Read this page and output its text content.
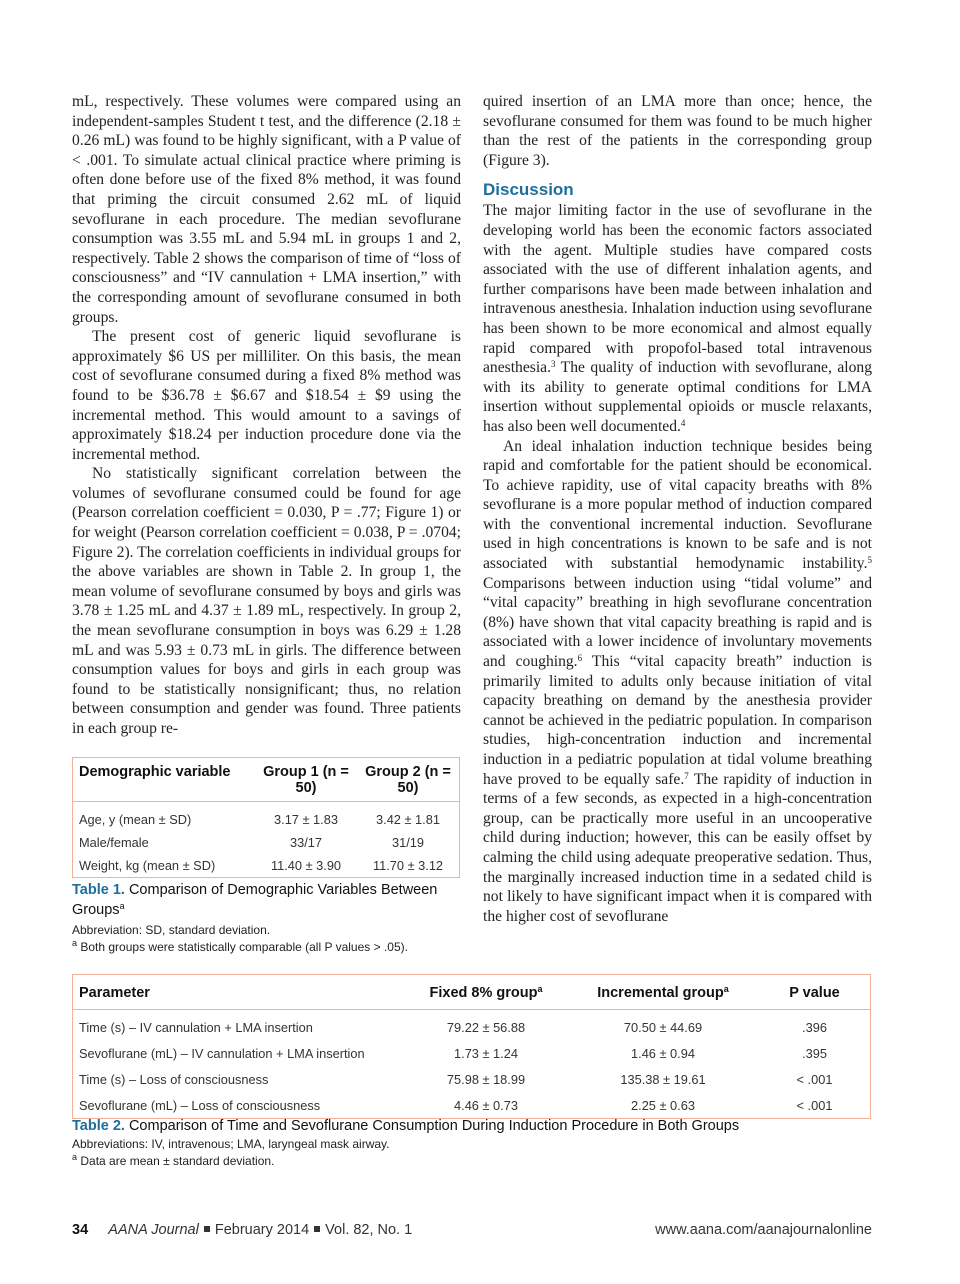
mL, respectively. These volumes were compared using an independent-samples Student t test, and the difference (2.18 ± 0.26 mL) was found to be highly significant, with a P value of < .001. To simulate actual clinical practice where priming is often done before use of the fixed 8% method, it was found that priming the circuit consumed 2.62 mL of liquid sevoflurane in each procedure. The median sevoflurane consumption was 3.55 mL and 5.94 mL in groups 1 and 2, respectively. Table 2 shows the comparison of time of “loss of consciousness” and “IV cannulation + LMA insertion,” with the corresponding amount of sevoflurane consumed in both groups.

The present cost of generic liquid sevoflurane is approximately $6 US per milliliter. On this basis, the mean cost of sevoflurane consumed during a fixed 8% method was found to be $36.78 ± $6.67 and $18.54 ± $9 using the incremental method. This would amount to a savings of approximately $18.24 per induction procedure done via the incremental method.

No statistically significant correlation between the volumes of sevoflurane consumed could be found for age (Pearson correlation coefficient = 0.030, P = .77; Figure 1) or for weight (Pearson correlation coefficient = 0.038, P = .0704; Figure 2). The correlation coefficients in individual groups for the above variables are shown in Table 2. In group 1, the mean volume of sevoflurane consumed by boys and girls was 3.78 ± 1.25 mL and 4.37 ± 1.89 mL, respectively. In group 2, the mean sevoflurane consumption in boys was 6.29 ± 1.28 mL and was 5.93 ± 0.73 mL in girls. The difference between consumption values for boys and girls in each group was found to be statistically nonsignificant; thus, no relation between consumption and gender was found. Three patients in each group re-

quired insertion of an LMA more than once; hence, the sevoflurane consumed for them was found to be much higher than the rest of the patients in the corresponding group (Figure 3).

Discussion

The major limiting factor in the use of sevoflurane in the developing world has been the economic factors associated with the agent. Multiple studies have compared costs associated with the use of different inhalation agents, and further comparisons have been made between inhalation and intravenous anesthesia. Inhalation induction using sevoflurane has been shown to be more economical and almost equally rapid compared with propofol-based total intravenous anesthesia.$^3$ The quality of induction with sevoflurane, along with its ability to generate optimal conditions for LMA insertion without supplemental opioids or muscle relaxants, has also been well documented.$^4$

An ideal inhalation induction technique besides being rapid and comfortable for the patient should be economical. To achieve rapidity, use of vital capacity breaths with 8% sevoflurane is a more popular method of induction compared with the conventional incremental induction. Sevoflurane used in high concentrations is known to be safe and is not associated with substantial hemodynamic instability.$^5$ Comparisons between induction using “tidal volume” and “vital capacity” breathing in high sevoflurane concentration (8%) have shown that vital capacity breathing is rapid and is associated with a lower incidence of involuntary movements and coughing.$^6$ This “vital capacity breath” induction is primarily limited to adults only because initiation of vital capacity breathing on demand by the anesthesia provider cannot be achieved in the pediatric population. In comparison studies, high-concentration induction and incremental induction in a pediatric population at tidal volume breathing have proved to be equally safe.$^7$ The rapidity of induction in terms of a few seconds, as expected in a high-concentration group, can be practically more useful in an uncooperative child during induction; however, this can be easily offset by calming the child using adequate preoperative sedation. Thus, the marginally increased induction time in a sedated child is not likely to have significant impact when it is compared with the higher cost of sevoflurane

Demographic variable	Group 1 (n = 50)	Group 2 (n = 50)
Age, y (mean ± SD)	3.17 ± 1.83	3.42 ± 1.81
Male/female	33/17	31/19
Weight, kg (mean ± SD)	11.40 ± 3.90	11.70 ± 3.12
Table 1. Comparison of Demographic Variables Between Groups$^a$
Abbreviation: SD, standard deviation.
$^a$ Both groups were statistically comparable (all P values > .05).
Parameter	Fixed 8% group$^a$	Incremental group$^a$	P value
Time (s) – IV cannulation + LMA insertion	79.22 ± 56.88	70.50 ± 44.69	.396
Sevoflurane (mL) – IV cannulation + LMA insertion	1.73 ± 1.24	1.46 ± 0.94	.395
Time (s) – Loss of consciousness	75.98 ± 18.99	135.38 ± 19.61	< .001
Sevoflurane (mL) – Loss of consciousness	4.46 ± 0.73	2.25 ± 0.63	< .001
Table 2. Comparison of Time and Sevoflurane Consumption During Induction Procedure in Both Groups
Abbreviations: IV, intravenous; LMA, laryngeal mask airway.
$^a$ Data are mean ± standard deviation.
34 AANA Journal February 2014 Vol. 82, No. 1	www.aana.com/aanajournalonline
